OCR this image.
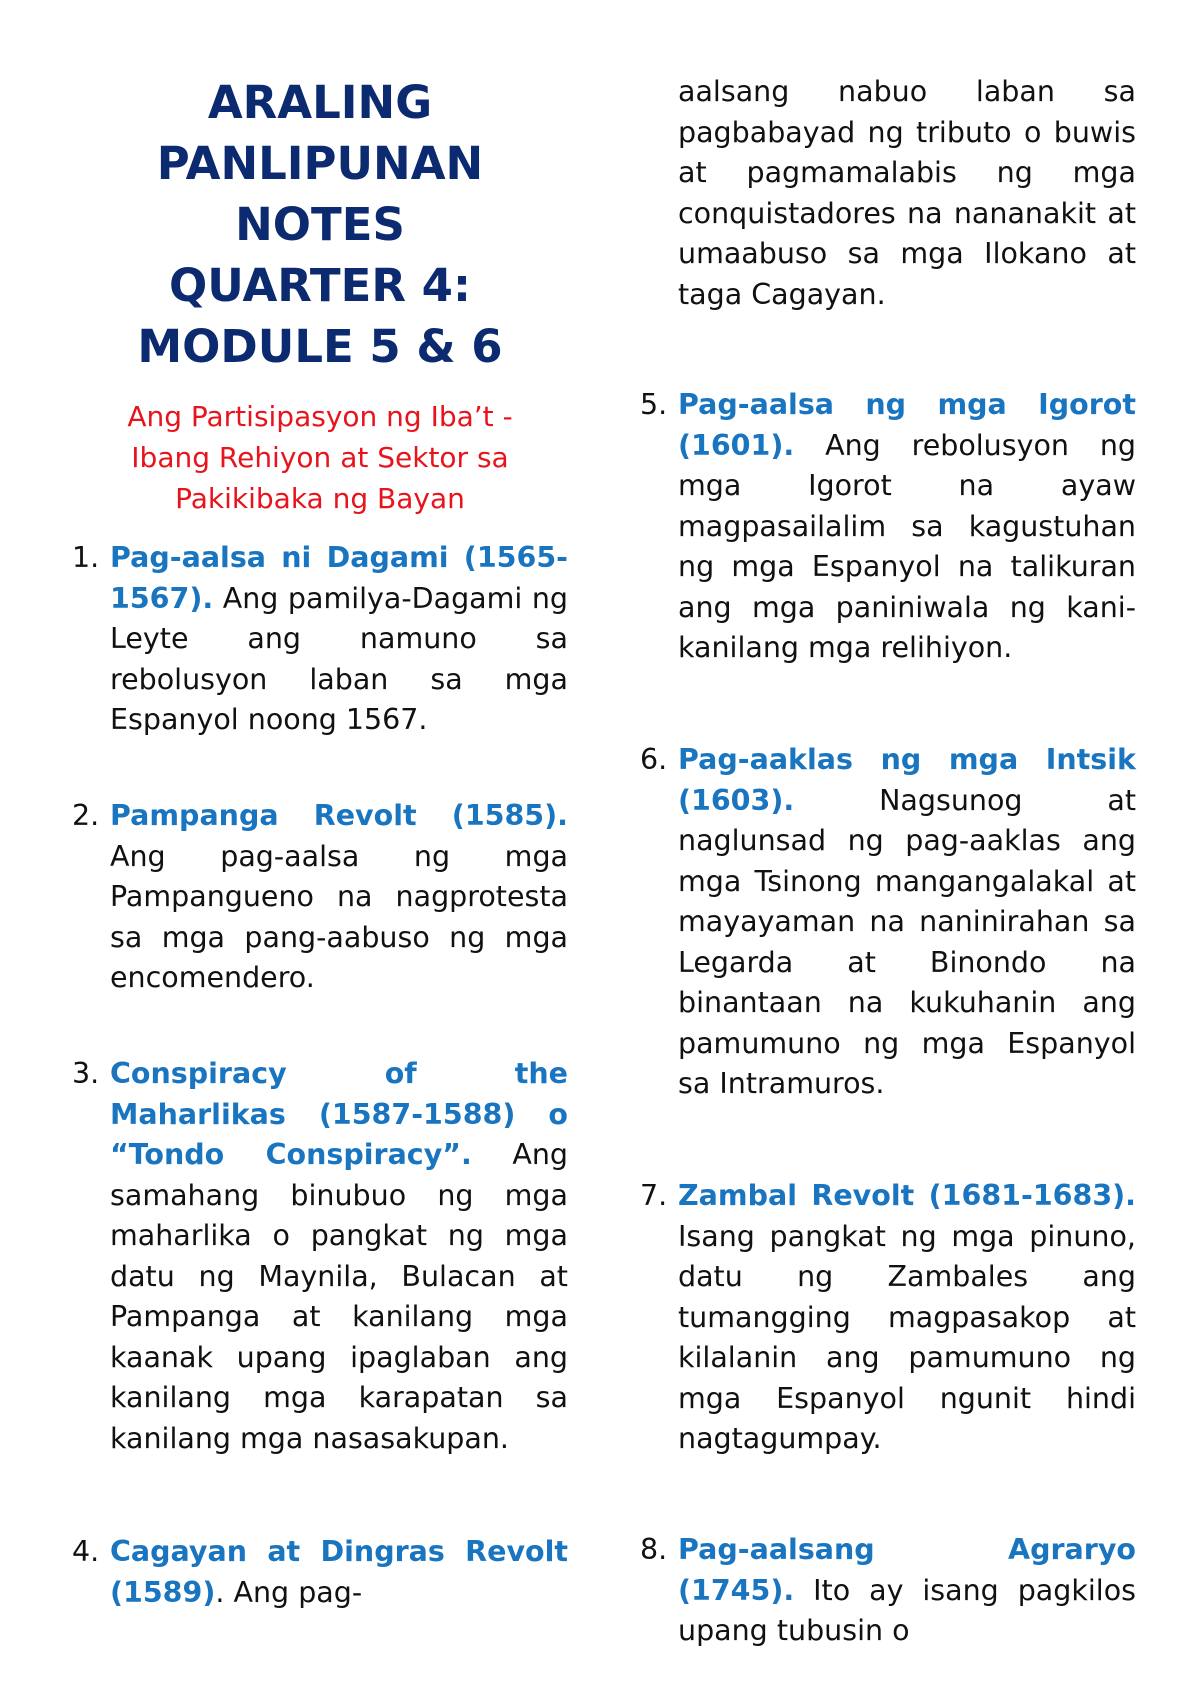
ARALING
PANLIPUNAN
NOTES
QUARTER 4:
MODULE 5 & 6

Ang Partisipasyon ng Iba’t - Ibang Rehiyon at Sektor sa Pakikibaka ng Bayan

1. Pag-aalsa ni Dagami (1565-1567). Ang pamilya-Dagami ng Leyte ang namuno sa rebolusyon laban sa mga Espanyol noong 1567.
2. Pampanga Revolt (1585). Ang pag-aalsa ng mga Pampangueno na nagprotesta sa mga pang-aabuso ng mga encomendero.
3. Conspiracy of the Maharlikas (1587-1588) o “Tondo Conspiracy”. Ang samahang binubuo ng mga maharlika o pangkat ng mga datu ng Maynila, Bulacan at Pampanga at kanilang mga kaanak upang ipaglaban ang kanilang mga karapatan sa kanilang mga nasasakupan.
4. Cagayan at Dingras Revolt (1589). Ang pag-
aalsang nabuo laban sa pagbabayad ng tributo o buwis at pagmamalabis ng mga conquistadores na nananakit at umaabuso sa mga Ilokano at taga Cagayan.
5. Pag-aalsa ng mga Igorot (1601). Ang rebolusyon ng mga Igorot na ayaw magpasailalim sa kagustuhan ng mga Espanyol na talikuran ang mga paniniwala ng kani-kanilang mga relihiyon.
6. Pag-aaklas ng mga Intsik (1603). Nagsunog at naglunsad ng pag-aaklas ang mga Tsinong mangangalakal at mayayaman na naninirahan sa Legarda at Binondo na binantaan na kukuhanin ang pamumuno ng mga Espanyol sa Intramuros.
7. Zambal Revolt (1681-1683). Isang pangkat ng mga pinuno, datu ng Zambales ang tumangging magpasakop at kilalanin ang pamumuno ng mga Espanyol ngunit hindi nagtagumpay.
8. Pag-aalsang Agraryo (1745). Ito ay isang pagkilos upang tubusin o
